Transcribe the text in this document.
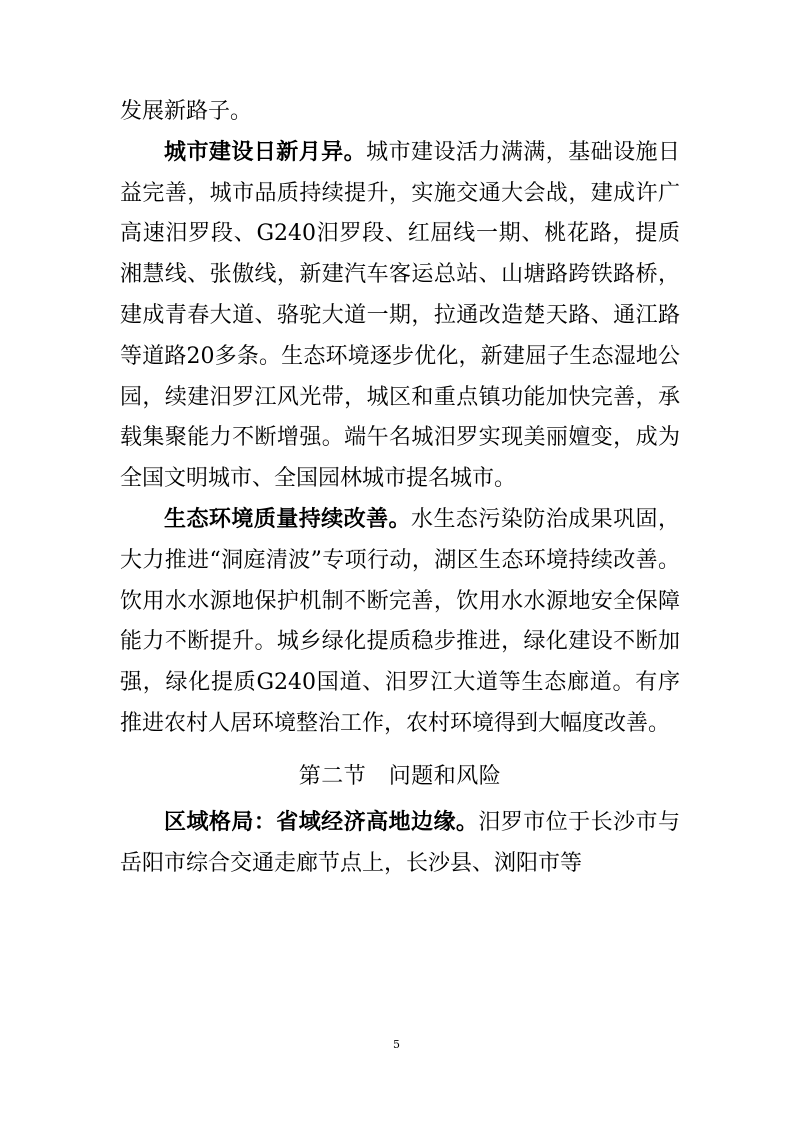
发展新路子。

城市建设日新月异。城市建设活力满满，基础设施日益完善，城市品质持续提升，实施交通大会战，建成许广高速汨罗段、G240汨罗段、红屈线一期、桃花路，提质湘慧线、张傲线，新建汽车客运总站、山塘路跨铁路桥，建成青春大道、骆驼大道一期，拉通改造楚天路、通江路等道路20多条。生态环境逐步优化，新建屈子生态湿地公园，续建汨罗江风光带，城区和重点镇功能加快完善，承载集聚能力不断增强。端午名城汨罗实现美丽嬗变，成为全国文明城市、全国园林城市提名城市。

生态环境质量持续改善。水生态污染防治成果巩固，大力推进“洞庭清波”专项行动，湖区生态环境持续改善。饮用水水源地保护机制不断完善，饮用水水源地安全保障能力不断提升。城乡绿化提质稳步推进，绿化建设不断加强，绿化提质G240国道、汨罗江大道等生态廊道。有序推进农村人居环境整治工作，农村环境得到大幅度改善。

第二节　问题和风险

区域格局：省域经济高地边缘。汨罗市位于长沙市与岳阳市综合交通走廊节点上，长沙县、浏阳市等

5
